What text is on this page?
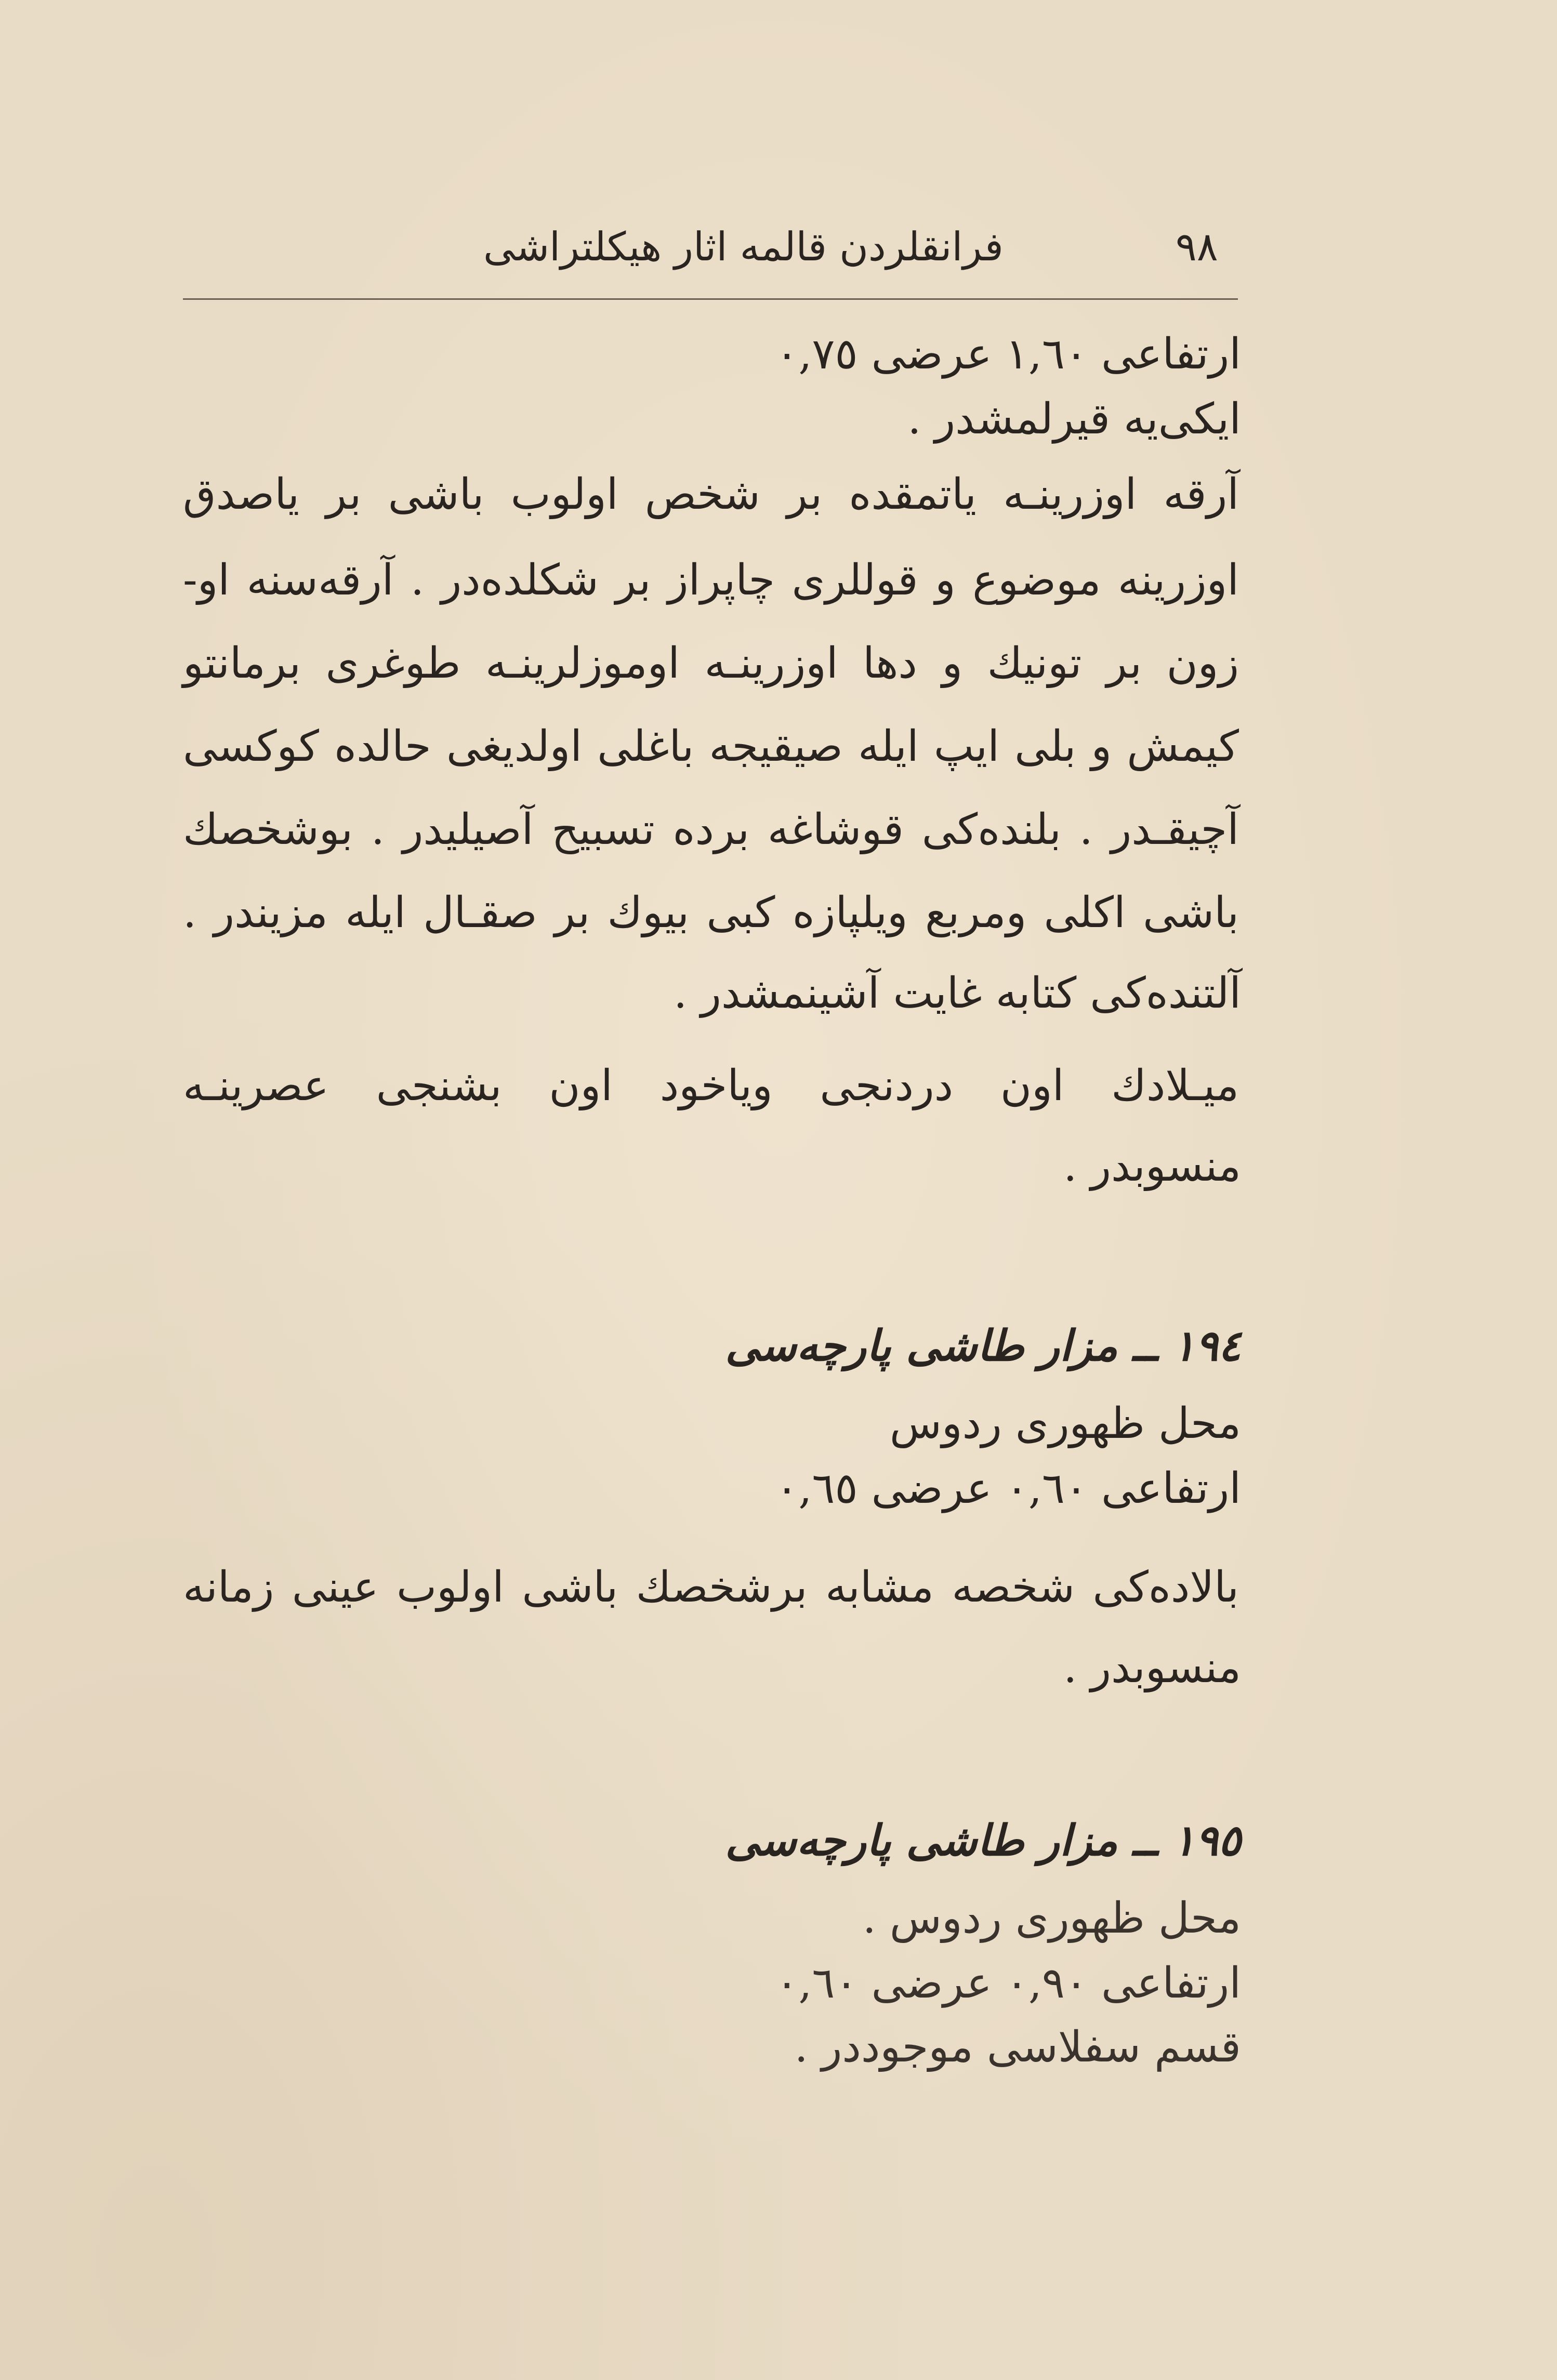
فرانقلردن قالمه اثار هیكلتراشی	٩٨
ارتفاعی ١,٦٠ عرضی ٠,٧٥
ایكی‌یه قیرلمشدر .
آرقه اوزرینـه یاتمقده بر شخص اولوب باشی بر یاصدق
اوزرینه موضوع و قوللری چاپراز بر شكلده‌در . آرقه‌سنه او-
زون بر تونیك و دها اوزرینـه اوموزلرینـه طوغری برمانتو
كیمش و بلی ایپ ایله صیقیجه باغلی اولدیغی حالده كوكسی
آچیقـدر . بلنده‌كی قوشاغه برده تسبیح آصیلیدر . بوشخصك
باشی اكلی ومربع ویلپازه كبی بیوك بر صقـال ایله مزیندر .
آلتنده‌كی كتابه غایت آشینمشدر .
میـلادك اون دردنجی ویاخود اون بشنجی عصرینـه
منسوبدر .
١٩٤ ــ مزار طاشی پارچه‌سی
محل ظهوری ردوس
ارتفاعی ٠,٦٠ عرضی ٠,٦٥
بالاده‌كی شخصه مشابه برشخصك باشی اولوب عینی زمانه
منسوبدر .
١٩٥ ــ مزار طاشی پارچه‌سی
محل ظهوری ردوس .
ارتفاعی ٠,٩٠ عرضی ٠,٦٠
قسم سفلاسی موجوددر .
